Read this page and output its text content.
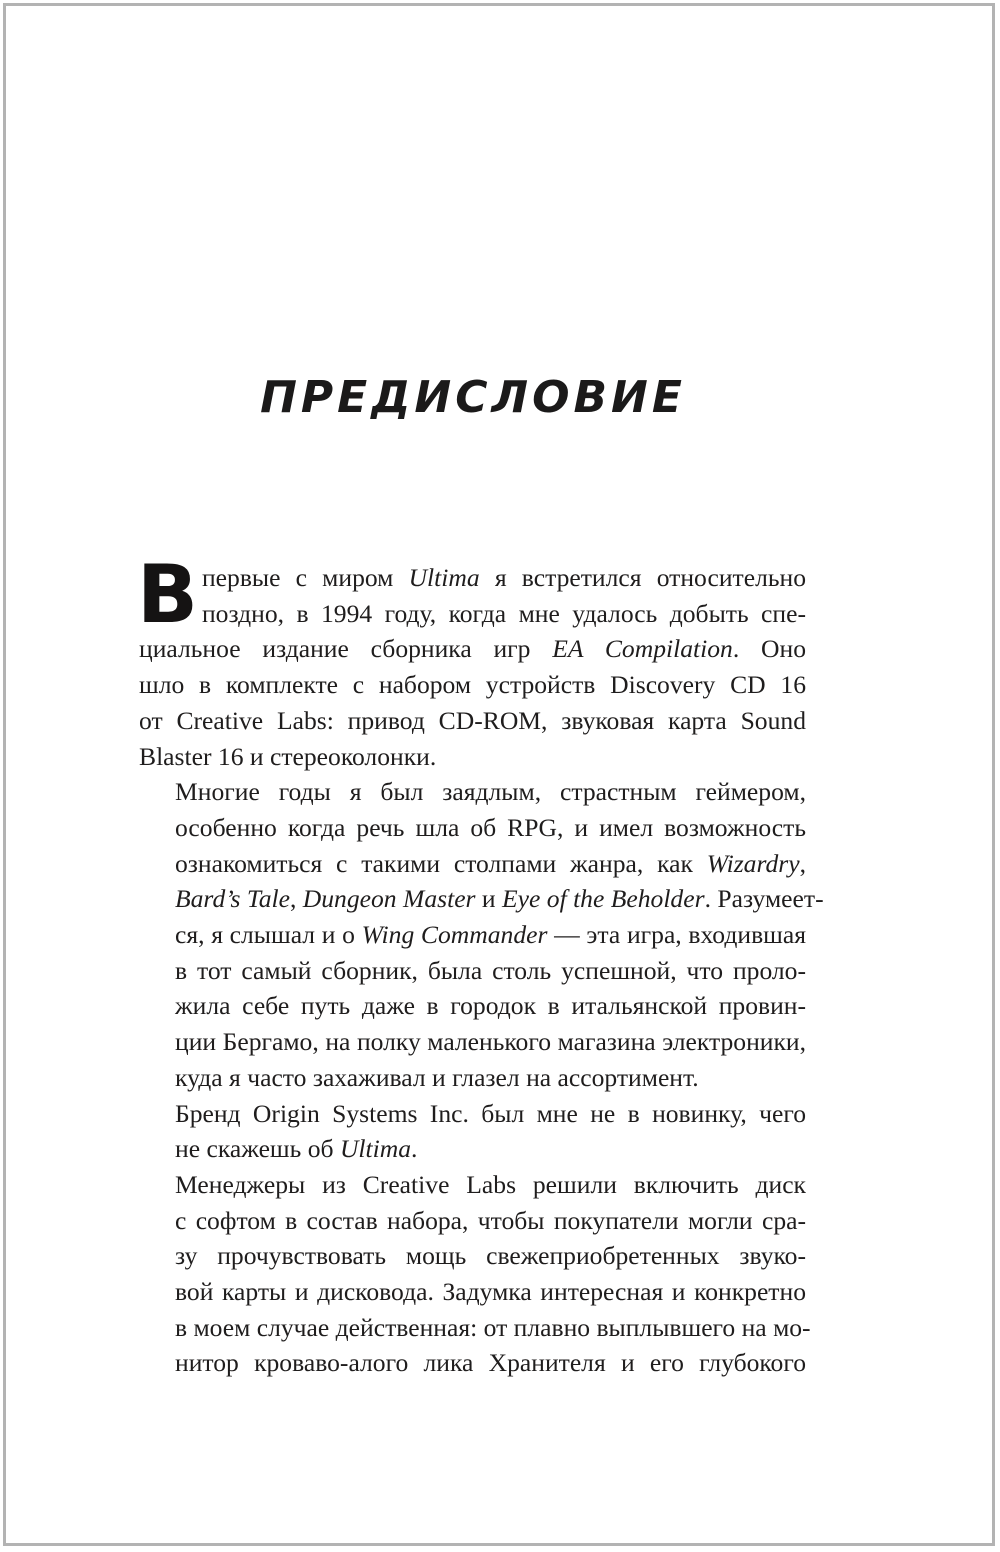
ПРЕДИСЛОВИЕ

В первые с миром Ultima я встретился относительно
поздно, в 1994 году, когда мне удалось добыть спе-
циальное издание сборника игр EA Compilation. Оно
шло в комплекте с набором устройств Discovery CD 16
от Creative Labs: привод CD-ROM, звуковая карта Sound
Blaster 16 и стереоколонки.

Многие годы я был заядлым, страстным геймером,
особенно когда речь шла об RPG, и имел возможность
ознакомиться с такими столпами жанра, как Wizardry,
Bard’s Tale, Dungeon Master и Eye of the Beholder. Разумеет-
ся, я слышал и о Wing Commander — эта игра, входившая
в тот самый сборник, была столь успешной, что проло-
жила себе путь даже в городок в итальянской провин-
ции Бергамо, на полку маленького магазина электроники,
куда я часто захаживал и глазел на ассортимент.

Бренд Origin Systems Inc. был мне не в новинку, чего
не скажешь об Ultima.

Менеджеры из Creative Labs решили включить диск
с софтом в состав набора, чтобы покупатели могли сра-
зу прочувствовать мощь свежеприобретенных звуко-
вой карты и дисковода. Задумка интересная и конкретно
в моем случае действенная: от плавно выплывшего на мо-
нитор кроваво-алого лика Хранителя и его глубокого
